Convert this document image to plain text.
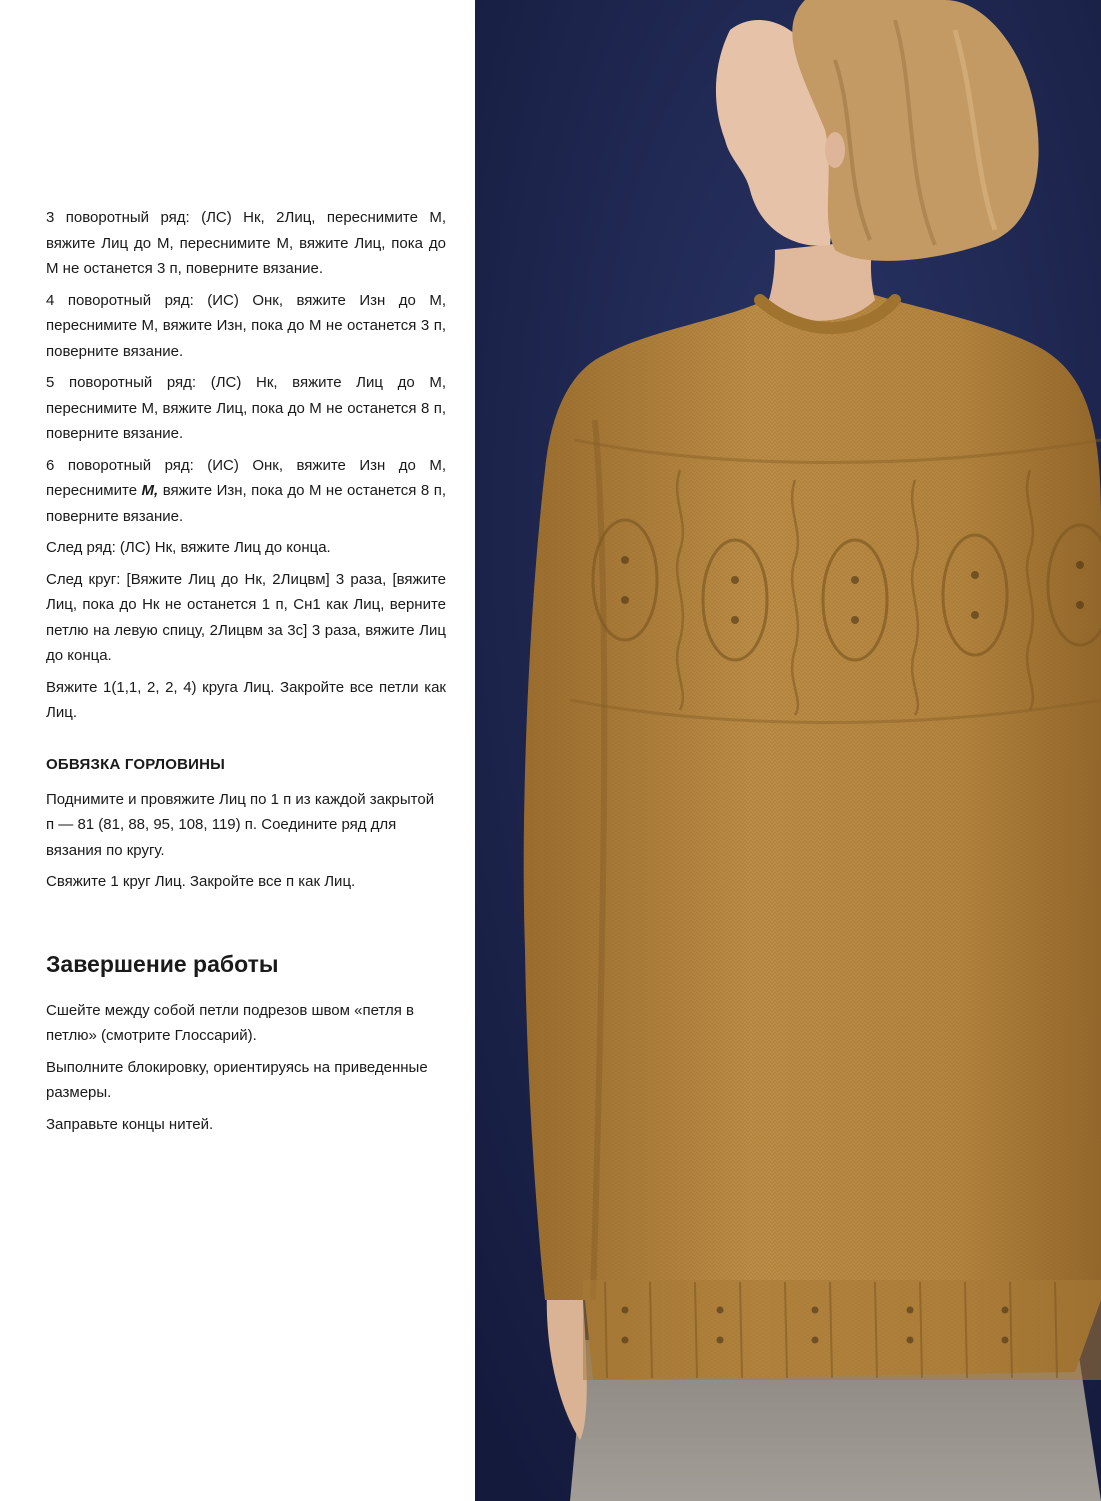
3 поворотный ряд: (ЛС) Нк, 2Лиц, переснимите М, вяжите Лиц до М, переснимите М, вяжите Лиц, пока до М не останется 3 п, поверните вязание.

4 поворотный ряд: (ИС) Онк, вяжите Изн до М, переснимите М, вяжите Изн, пока до М не останется 3 п, поверните вязание.

5 поворотный ряд: (ЛС) Нк, вяжите Лиц до М, переснимите М, вяжите Лиц, пока до М не останется 8 п, поверните вязание.

6 поворотный ряд: (ИС) Онк, вяжите Изн до М, переснимите М, вяжите Изн, пока до М не останется 8 п, поверните вязание.

След ряд: (ЛС) Нк, вяжите Лиц до конца.

След круг: [Вяжите Лиц до Нк, 2Лицвм] 3 раза, [вяжите Лиц, пока до Нк не останется 1 п, Сн1 как Лиц, верните петлю на левую спицу, 2Лицвм за 3с] 3 раза, вяжите Лиц до конца.

Вяжите 1(1,1, 2, 2, 4) круга Лиц. Закройте все петли как Лиц.

ОБВЯЗКА ГОРЛОВИНЫ

Поднимите и провяжите Лиц по 1 п из каждой закрытой п — 81 (81, 88, 95, 108, 119) п. Соедините ряд для вязания по кругу.

Свяжите 1 круг Лиц. Закройте все п как Лиц.

Завершение работы

Сшейте между собой петли подрезов швом «петля в петлю» (смотрите Глоссарий).

Выполните блокировку, ориентируясь на приведенные размеры.

Заправьте концы нитей.
